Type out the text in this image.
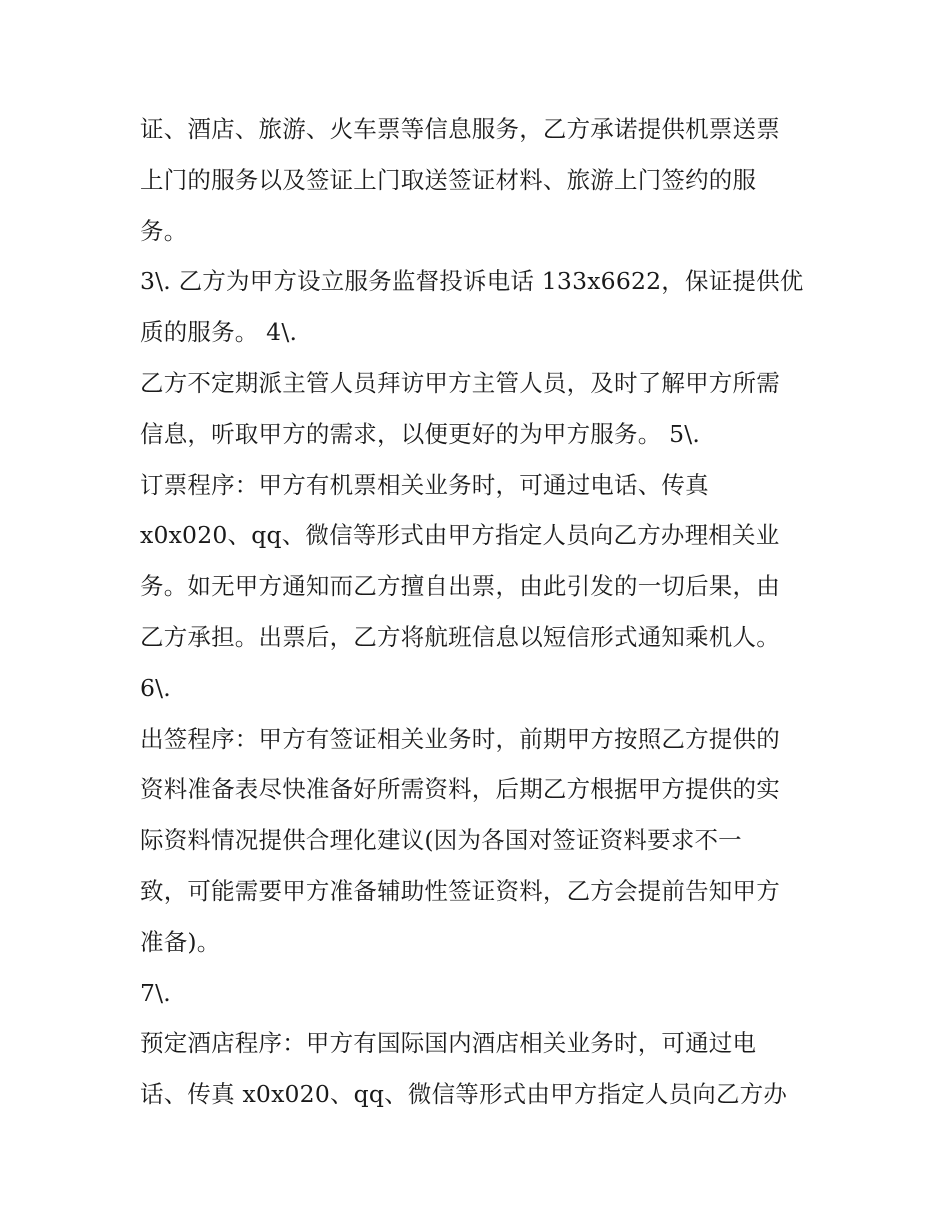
证、酒店、旅游、火车票等信息服务，乙方承诺提供机票送票
上门的服务以及签证上门取送签证材料、旅游上门签约的服
务。
3\. 乙方为甲方设立服务监督投诉电话 133x6622，保证提供优
质的服务。 4\.
乙方不定期派主管人员拜访甲方主管人员，及时了解甲方所需
信息，听取甲方的需求，以便更好的为甲方服务。 5\.
订票程序：甲方有机票相关业务时，可通过电话、传真
x0x020、qq、微信等形式由甲方指定人员向乙方办理相关业
务。如无甲方通知而乙方擅自出票，由此引发的一切后果，由
乙方承担。出票后，乙方将航班信息以短信形式通知乘机人。
6\.
出签程序：甲方有签证相关业务时，前期甲方按照乙方提供的
资料准备表尽快准备好所需资料，后期乙方根据甲方提供的实
际资料情况提供合理化建议(因为各国对签证资料要求不一
致，可能需要甲方准备辅助性签证资料，乙方会提前告知甲方
准备)。
7\.
预定酒店程序：甲方有国际国内酒店相关业务时，可通过电
话、传真 x0x020、qq、微信等形式由甲方指定人员向乙方办
